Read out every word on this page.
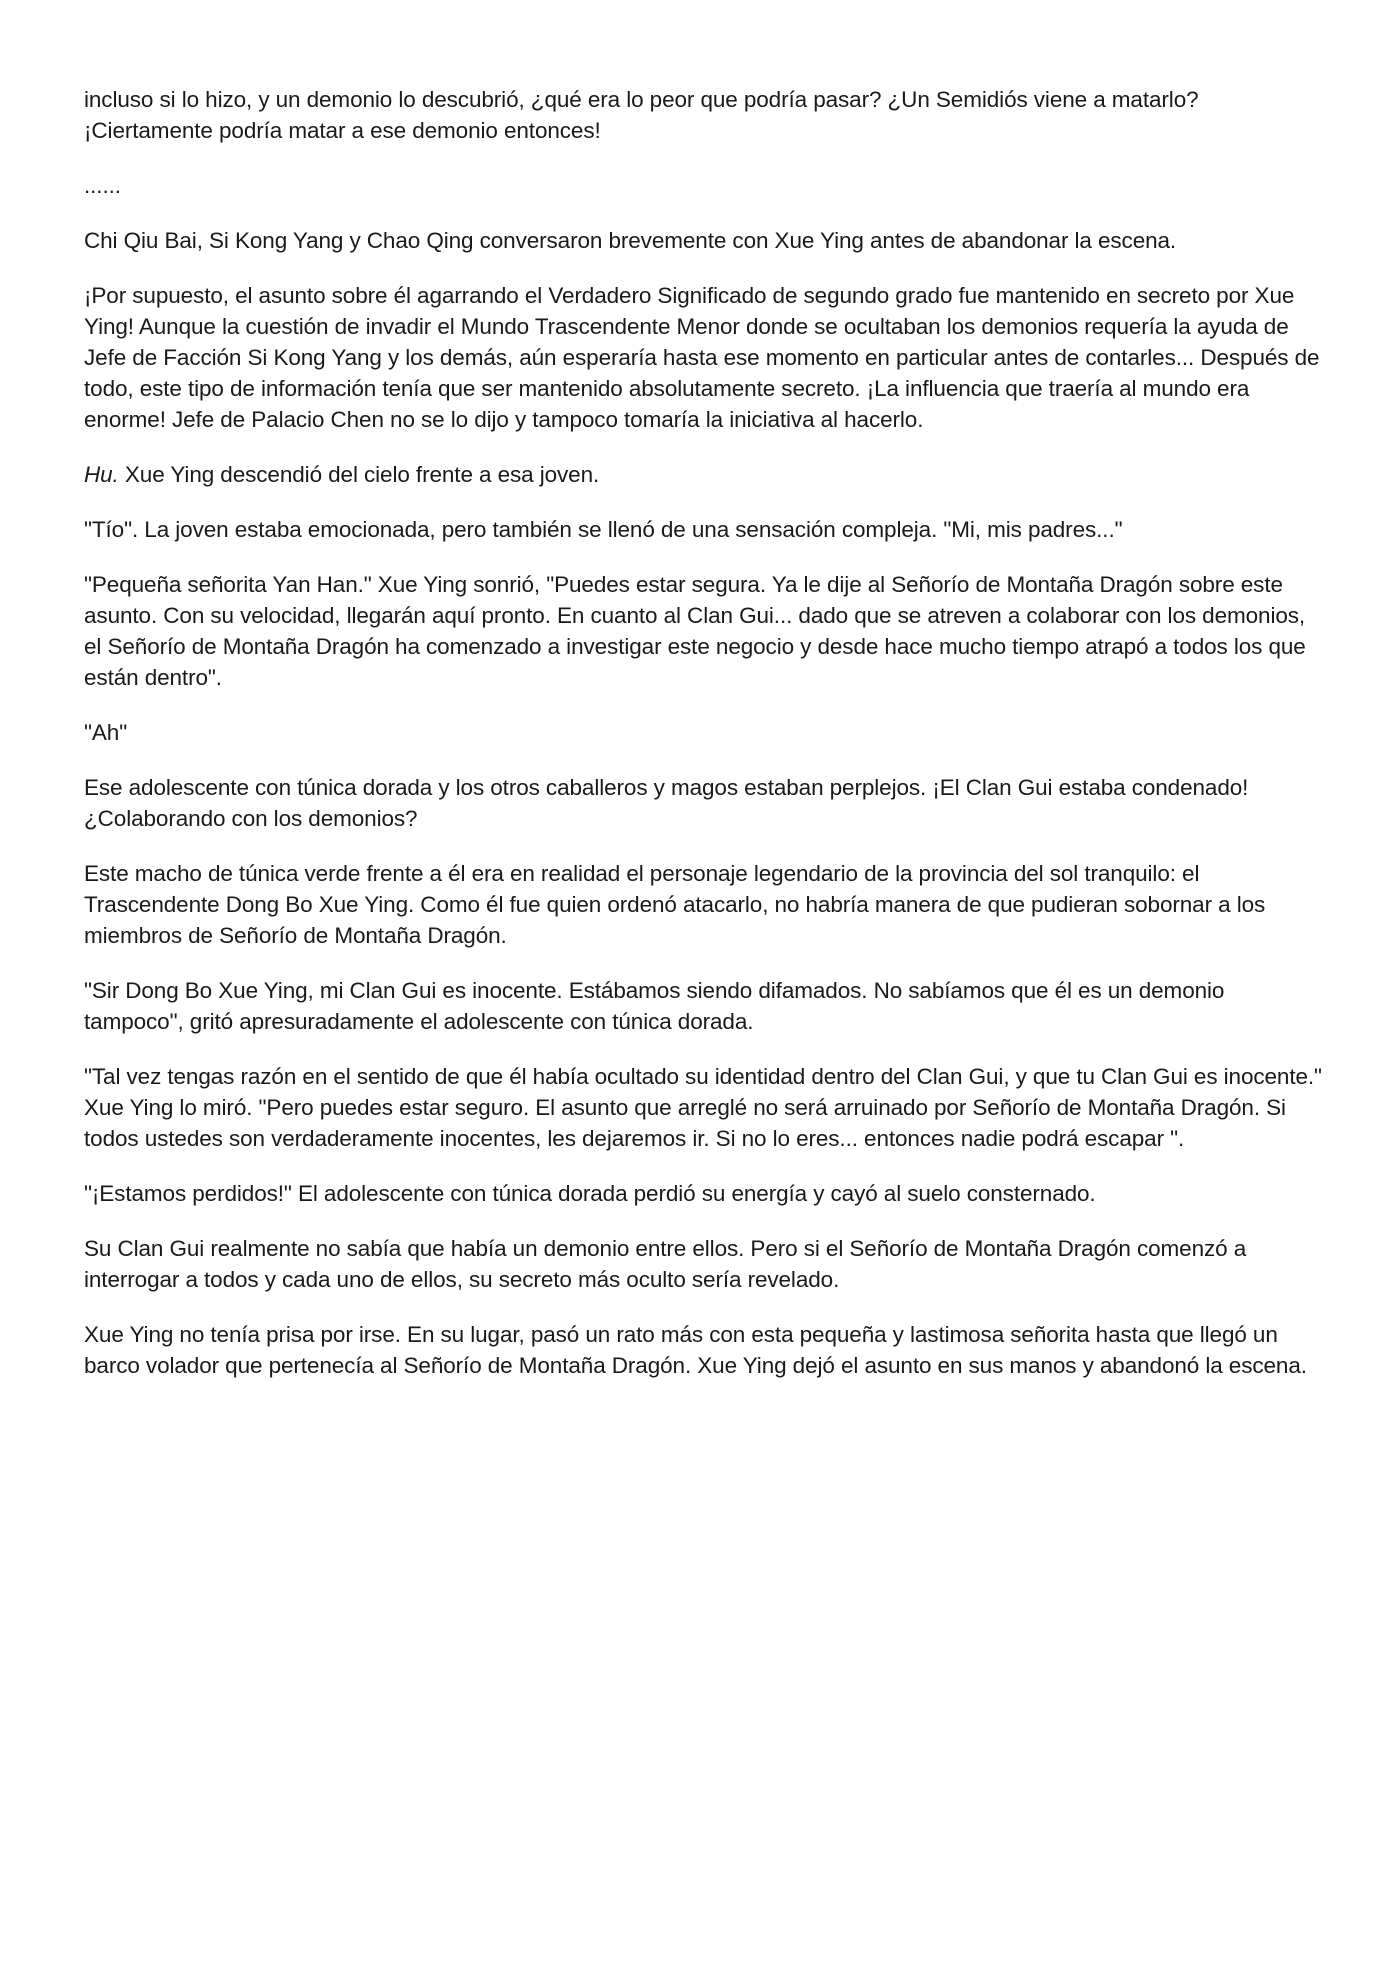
incluso si lo hizo, y un demonio lo descubrió, ¿qué era lo peor que podría pasar? ¿Un Semidiós viene a matarlo? ¡Ciertamente podría matar a ese demonio entonces!

......

Chi Qiu Bai, Si Kong Yang y Chao Qing conversaron brevemente con Xue Ying antes de abandonar la escena.

¡Por supuesto, el asunto sobre él agarrando el Verdadero Significado de segundo grado fue mantenido en secreto por Xue Ying! Aunque la cuestión de invadir el Mundo Trascendente Menor donde se ocultaban los demonios requería la ayuda de Jefe de Facción Si Kong Yang y los demás, aún esperaría hasta ese momento en particular antes de contarles... Después de todo, este tipo de información tenía que ser mantenido absolutamente secreto. ¡La influencia que traería al mundo era enorme! Jefe de Palacio Chen no se lo dijo y tampoco tomaría la iniciativa al hacerlo.

Hu. Xue Ying descendió del cielo frente a esa joven.

"Tío". La joven estaba emocionada, pero también se llenó de una sensación compleja. "Mi, mis padres..."

"Pequeña señorita Yan Han." Xue Ying sonrió, "Puedes estar segura. Ya le dije al Señorío de Montaña Dragón sobre este asunto. Con su velocidad, llegarán aquí pronto. En cuanto al Clan Gui... dado que se atreven a colaborar con los demonios, el Señorío de Montaña Dragón ha comenzado a investigar este negocio y desde hace mucho tiempo atrapó a todos los que están dentro".

"Ah"

Ese adolescente con túnica dorada y los otros caballeros y magos estaban perplejos. ¡El Clan Gui estaba condenado! ¿Colaborando con los demonios?

Este macho de túnica verde frente a él era en realidad el personaje legendario de la provincia del sol tranquilo: el Trascendente Dong Bo Xue Ying. Como él fue quien ordenó atacarlo, no habría manera de que pudieran sobornar a los miembros de Señorío de Montaña Dragón.

"Sir Dong Bo Xue Ying, mi Clan Gui es inocente. Estábamos siendo difamados. No sabíamos que él es un demonio tampoco", gritó apresuradamente el adolescente con túnica dorada.

"Tal vez tengas razón en el sentido de que él había ocultado su identidad dentro del Clan Gui, y que tu Clan Gui es inocente." Xue Ying lo miró. "Pero puedes estar seguro. El asunto que arreglé no será arruinado por Señorío de Montaña Dragón. Si todos ustedes son verdaderamente inocentes, les dejaremos ir. Si no lo eres... entonces nadie podrá escapar ".

"¡Estamos perdidos!" El adolescente con túnica dorada perdió su energía y cayó al suelo consternado.

Su Clan Gui realmente no sabía que había un demonio entre ellos. Pero si el Señorío de Montaña Dragón comenzó a interrogar a todos y cada uno de ellos, su secreto más oculto sería revelado.

Xue Ying no tenía prisa por irse. En su lugar, pasó un rato más con esta pequeña y lastimosa señorita hasta que llegó un barco volador que pertenecía al Señorío de Montaña Dragón. Xue Ying dejó el asunto en sus manos y abandonó la escena.
